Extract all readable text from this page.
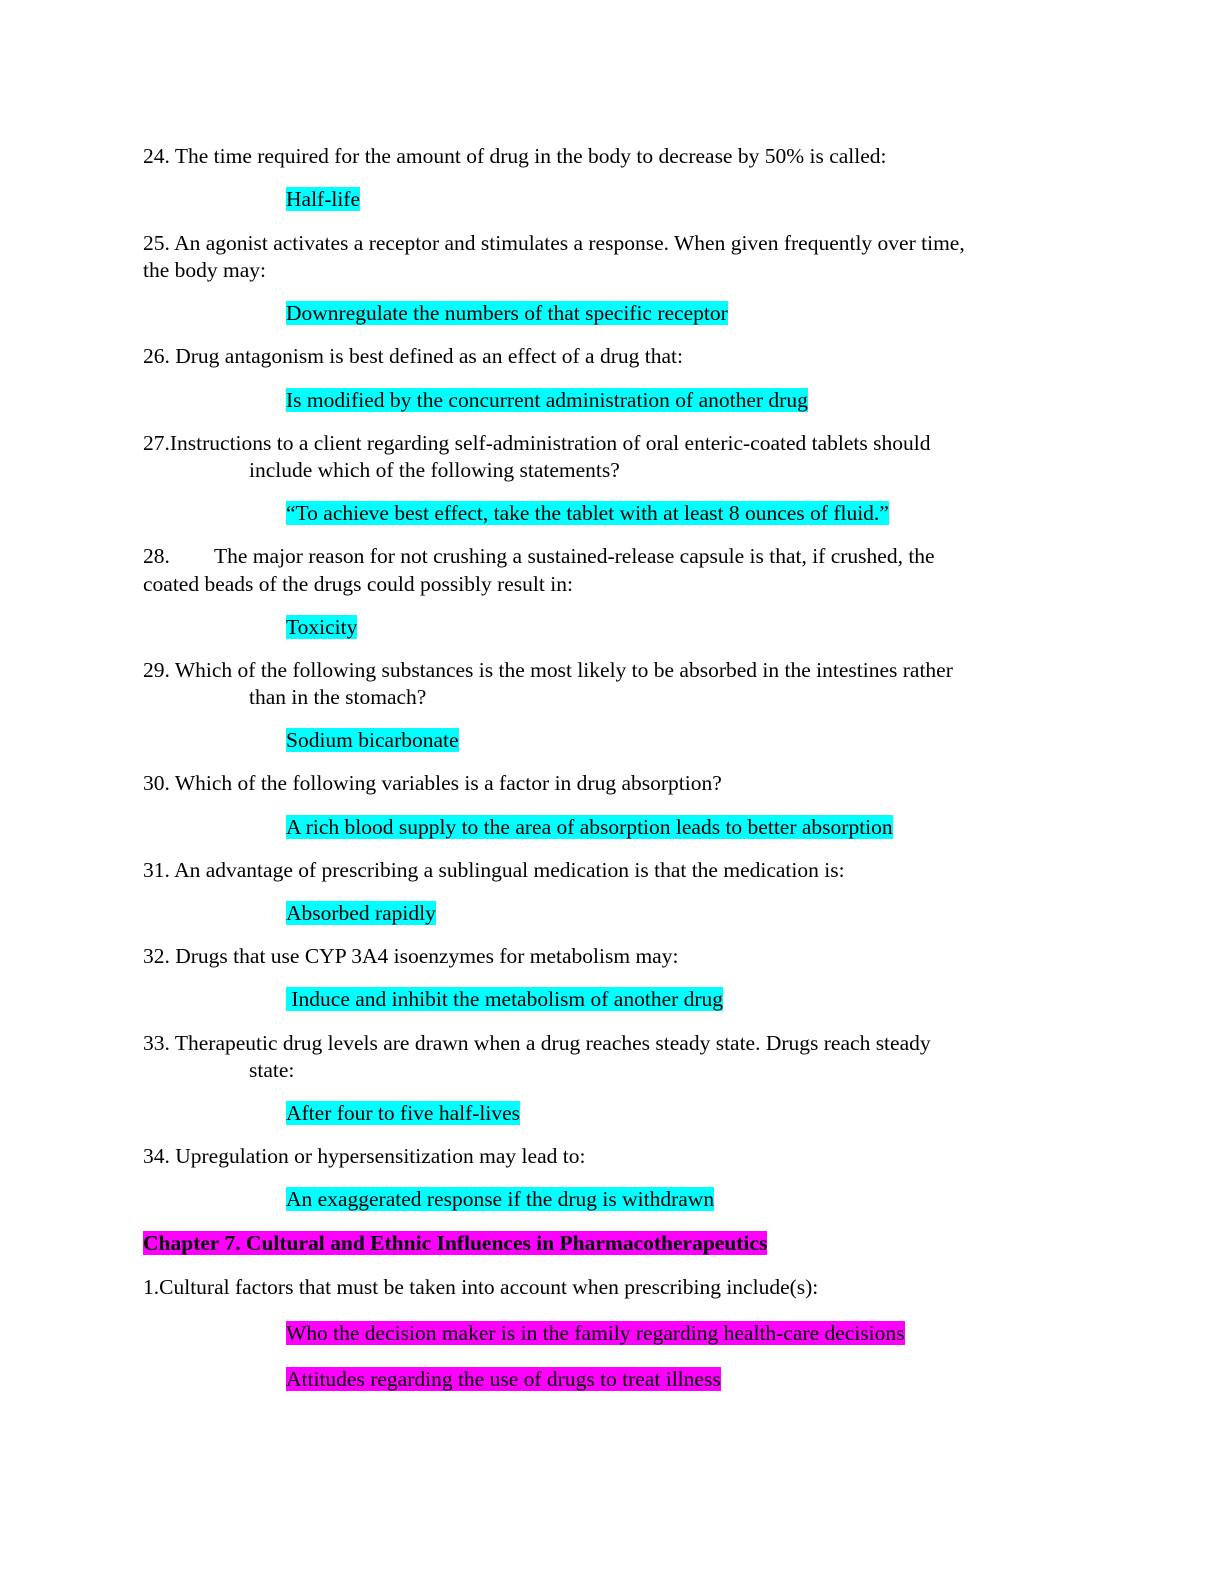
24. The time required for the amount of drug in the body to decrease by 50% is called:
Half-life
25. An agonist activates a receptor and stimulates a response. When given frequently over time,
the body may:
Downregulate the numbers of that specific receptor
26. Drug antagonism is best defined as an effect of a drug that:
Is modified by the concurrent administration of another drug
27.Instructions to a client regarding self-administration of oral enteric-coated tablets should
include which of the following statements?
“To achieve best effect, take the tablet with at least 8 ounces of fluid.”
28. The major reason for not crushing a sustained-release capsule is that, if crushed, the
coated beads of the drugs could possibly result in:
Toxicity
29. Which of the following substances is the most likely to be absorbed in the intestines rather
than in the stomach?
Sodium bicarbonate
30. Which of the following variables is a factor in drug absorption?
A rich blood supply to the area of absorption leads to better absorption
31. An advantage of prescribing a sublingual medication is that the medication is:
Absorbed rapidly
32. Drugs that use CYP 3A4 isoenzymes for metabolism may:
Induce and inhibit the metabolism of another drug
33. Therapeutic drug levels are drawn when a drug reaches steady state. Drugs reach steady
state:
After four to five half-lives
34. Upregulation or hypersensitization may lead to:
An exaggerated response if the drug is withdrawn
Chapter 7. Cultural and Ethnic Influences in Pharmacotherapeutics
1.Cultural factors that must be taken into account when prescribing include(s):
Who the decision maker is in the family regarding health-care decisions
Attitudes regarding the use of drugs to treat illness
